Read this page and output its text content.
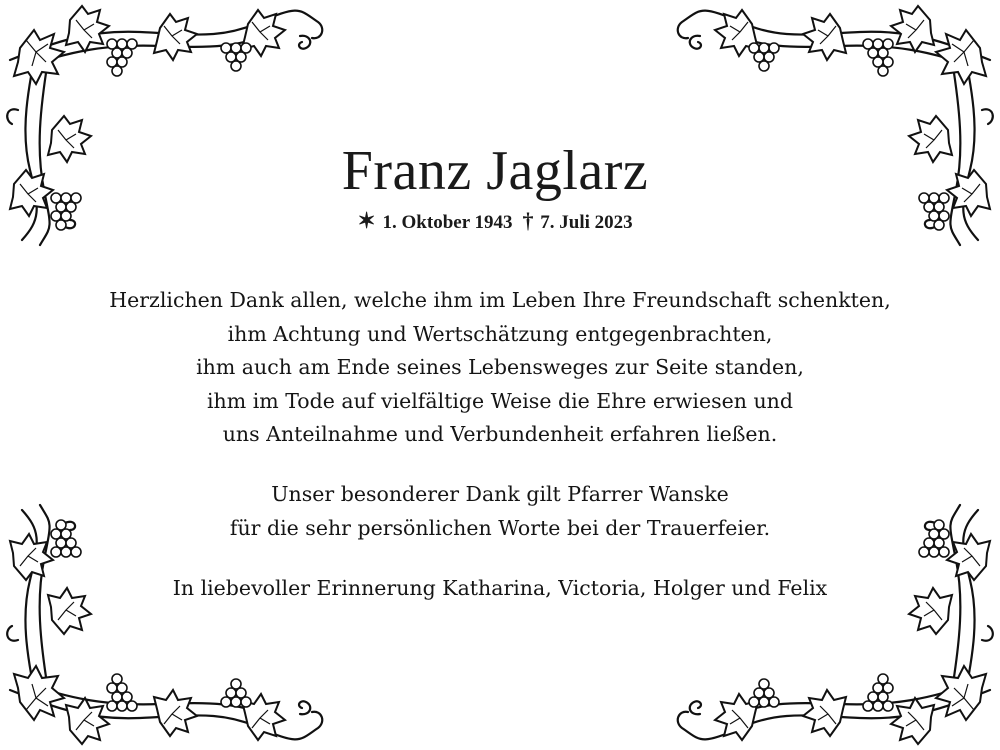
Franz Jaglarz
✶ 1. Oktober 1943 † 7. Juli 2023
Herzlichen Dank allen, welche ihm im Leben Ihre Freundschaft schenkten,
ihm Achtung und Wertschätzung entgegenbrachten,
ihm auch am Ende seines Lebensweges zur Seite standen,
ihm im Tode auf vielfältige Weise die Ehre erwiesen und
uns Anteilnahme und Verbundenheit erfahren ließen.
Unser besonderer Dank gilt Pfarrer Wanske
für die sehr persönlichen Worte bei der Trauerfeier.
In liebevoller Erinnerung Katharina, Victoria, Holger und Felix
